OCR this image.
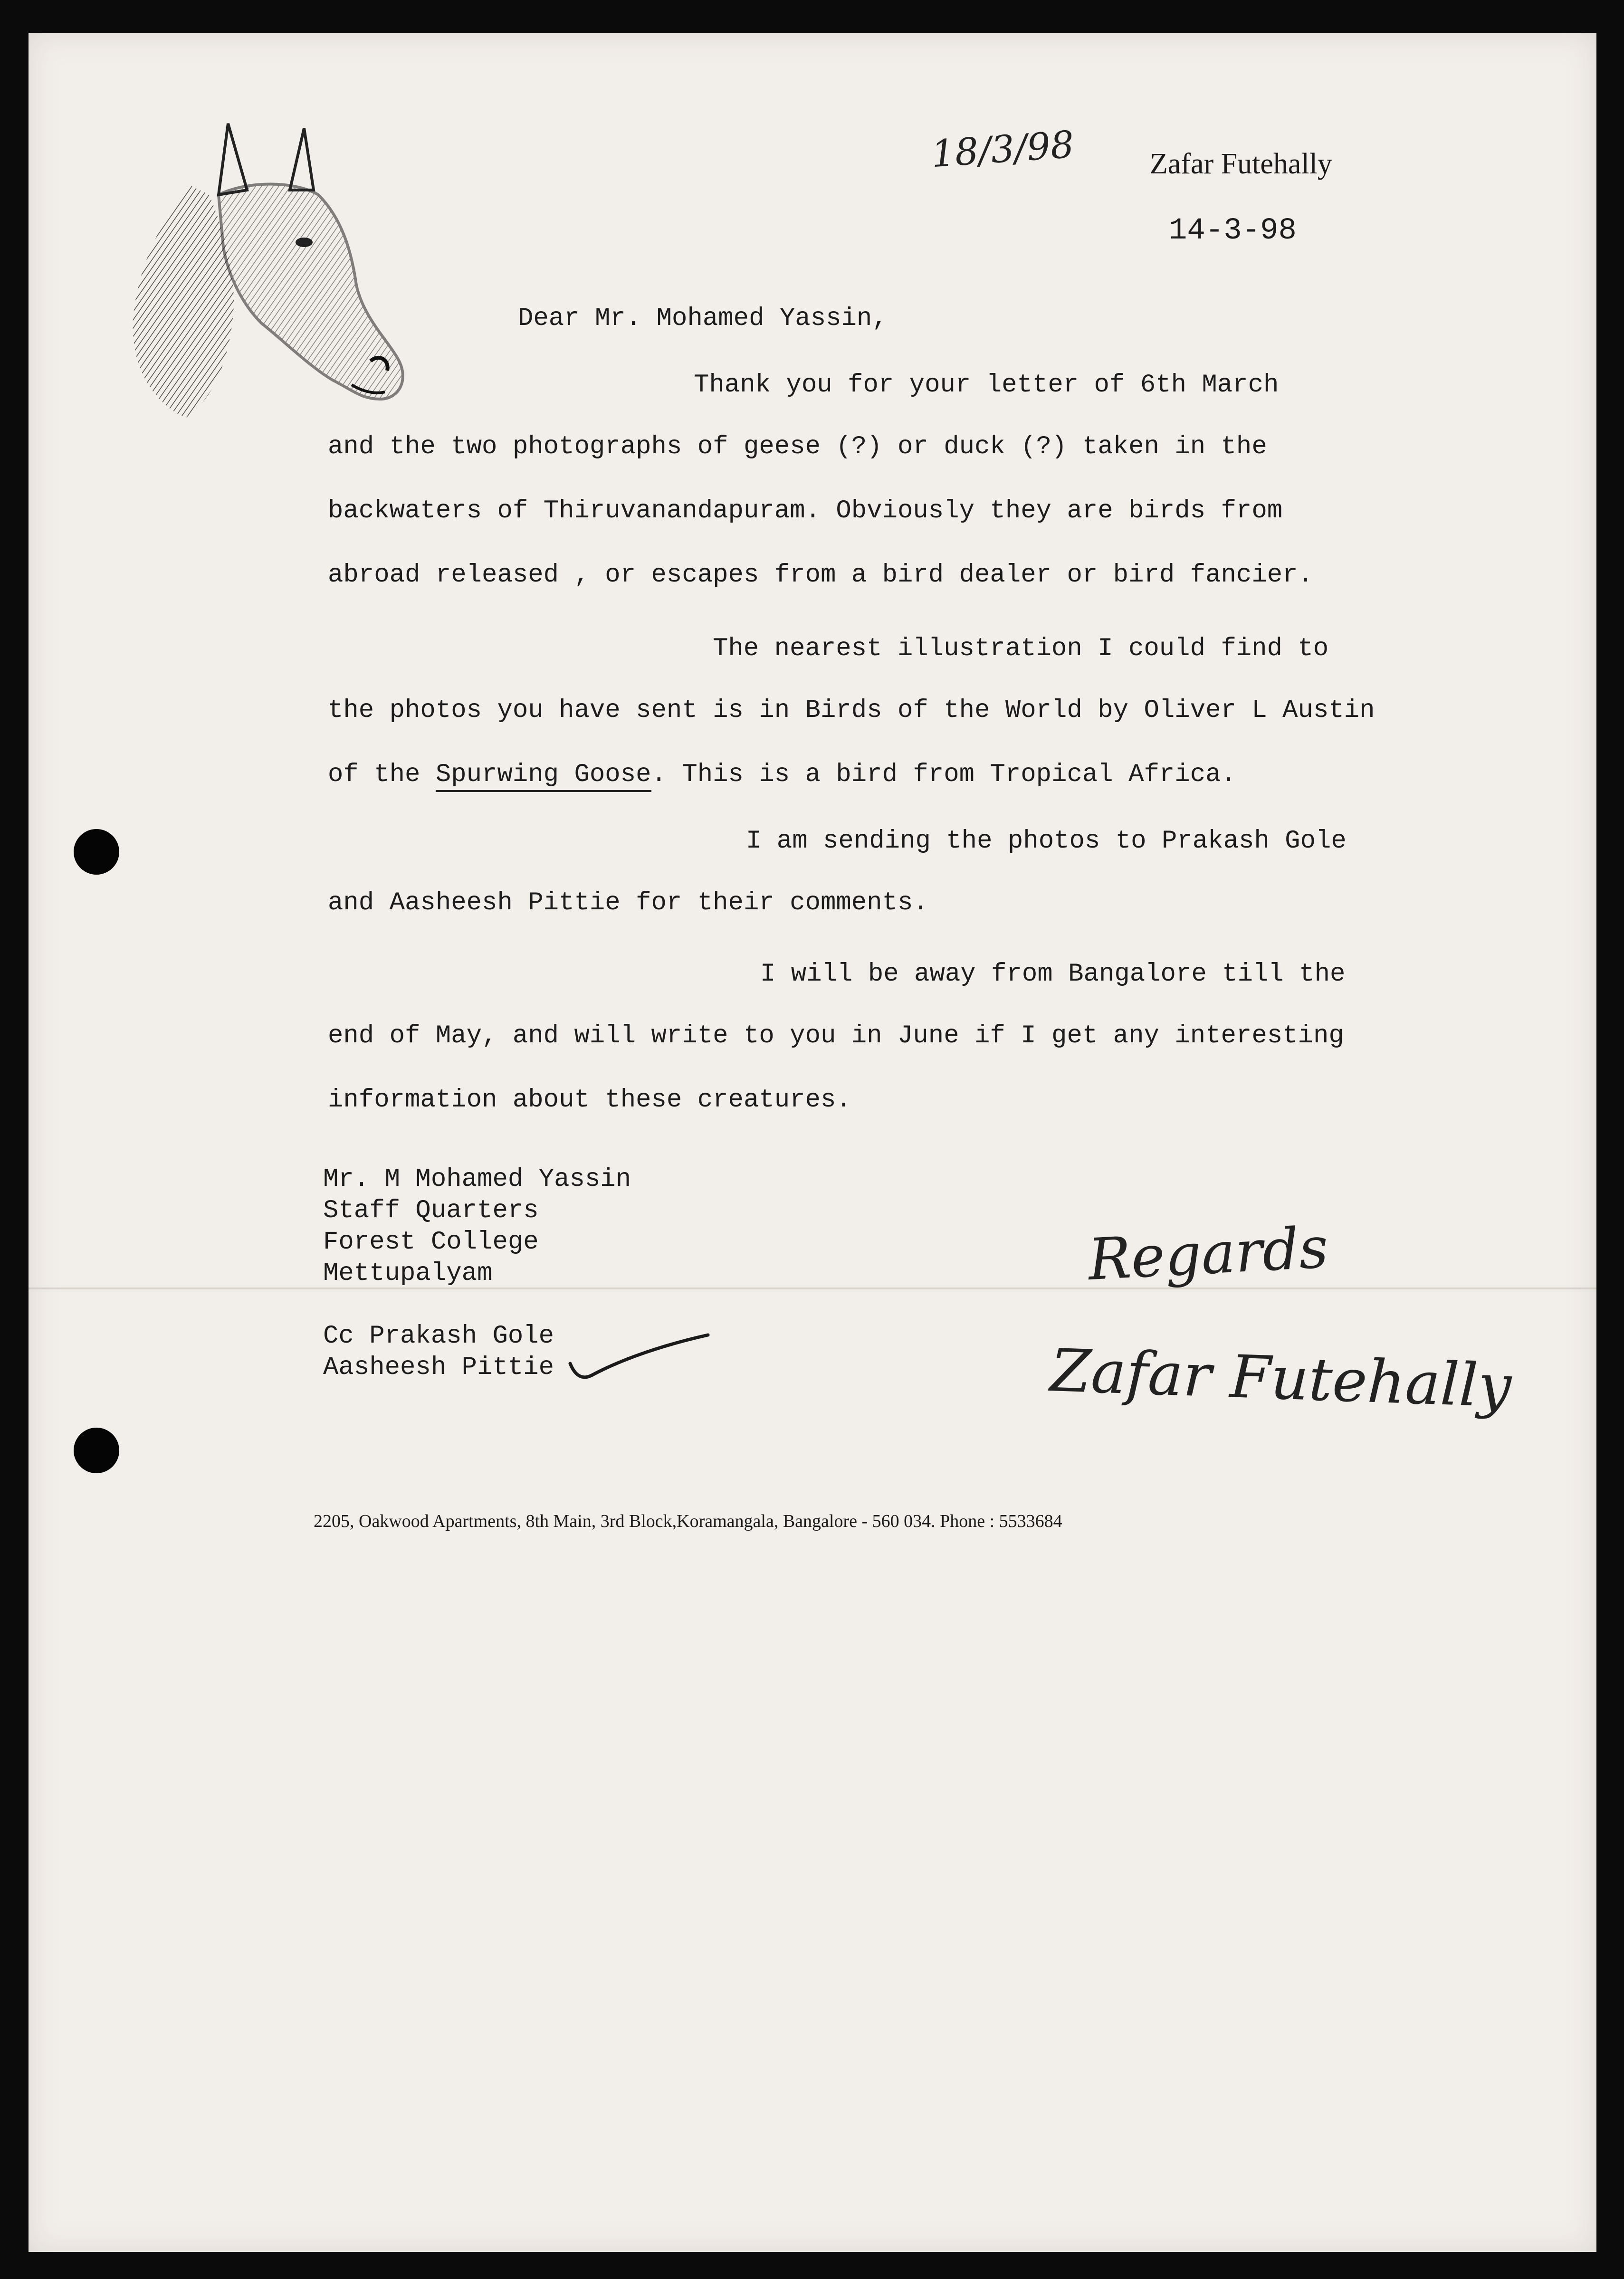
18/3/98	Zafar Futehally
14-3-98
Dear Mr. Mohamed Yassin,
Thank you for your letter of 6th March
and the two photographs of geese (?) or duck (?) taken in the
backwaters of Thiruvanandapuram. Obviously they are birds from
abroad released , or escapes from a bird dealer or bird fancier.
The nearest illustration I could find to
the photos you have sent is in Birds of the World by Oliver L Austin
of the Spurwing Goose. This is a bird from Tropical Africa.
I am sending the photos to Prakash Gole
and Aasheesh Pittie for their comments.
I will be away from Bangalore till the
end of May, and will write to you in June if I get any interesting
information about these creatures.
Mr. M Mohamed Yassin
Staff Quarters
Forest College
Mettupalyam
Cc Prakash Gole
Aasheesh Pittie
Regards
Zafar Futehally
2205, Oakwood Apartments, 8th Main, 3rd Block,Koramangala, Bangalore - 560 034. Phone : 5533684
